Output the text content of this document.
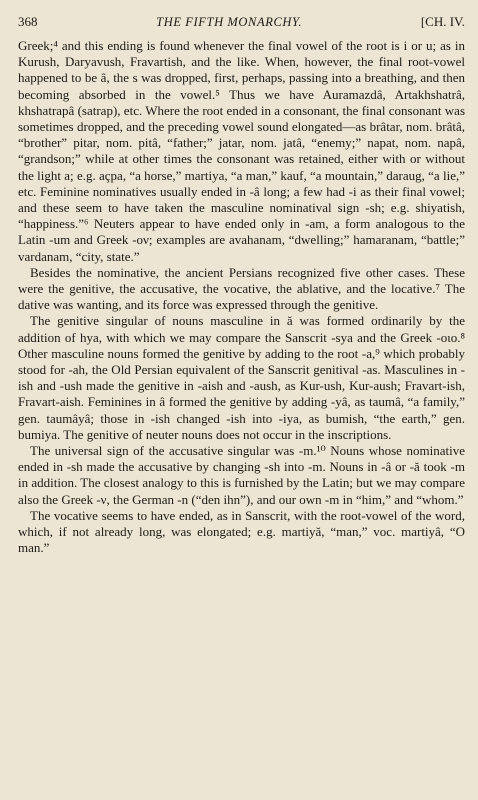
368	THE FIFTH MONARCHY.	[CH. IV.

Greek;⁴ and this ending is found whenever the final vowel of the root is i or u; as in Kurush, Daryavush, Fravartish, and the like. When, however, the final root-vowel happened to be â, the s was dropped, first, perhaps, passing into a breathing, and then becoming absorbed in the vowel.⁵ Thus we have Auramazdâ, Artakhshatrâ, khshatrapâ (satrap), etc. Where the root ended in a consonant, the final consonant was sometimes dropped, and the preceding vowel sound elongated—as brâtar, nom. brâtâ, “brother” pitar, nom. pitâ, “father;” jatar, nom. jatâ, “enemy;” napat, nom. napâ, “grandson;” while at other times the consonant was retained, either with or without the light a; e.g. açpa, “a horse,” martiya, “a man,” kauf, “a mountain,” daraug, “a lie,” etc. Feminine nominatives usually ended in -â long; a few had -i as their final vowel; and these seem to have taken the masculine nominatival sign -sh; e.g. shiyatish, “happiness.”⁶ Neuters appear to have ended only in -am, a form analogous to the Latin -um and Greek -ον; examples are avahanam, “dwelling;” hamaranam, “battle;” vardanam, “city, state.”

Besides the nominative, the ancient Persians recognized five other cases. These were the genitive, the accusative, the vocative, the ablative, and the locative.⁷ The dative was wanting, and its force was expressed through the genitive.

The genitive singular of nouns masculine in ă was formed ordinarily by the addition of hya, with which we may compare the Sanscrit -sya and the Greek -οιο.⁸ Other masculine nouns formed the genitive by adding to the root -a,⁹ which probably stood for -ah, the Old Persian equivalent of the Sanscrit genitival -as. Masculines in -ish and -ush made the genitive in -aish and -aush, as Kur-ush, Kur-aush; Fravart-ish, Fravart-aish. Feminines in â formed the genitive by adding -yâ, as taumâ, “a family,” gen. taumâyâ; those in -ish changed -ish into -iya, as bumish, “the earth,” gen. bumiya. The genitive of neuter nouns does not occur in the inscriptions.

The universal sign of the accusative singular was -m.¹⁰ Nouns whose nominative ended in -sh made the accusative by changing -sh into -m. Nouns in -â or -ă took -m in addition. The closest analogy to this is furnished by the Latin; but we may compare also the Greek -ν, the German -n (“den ihn”), and our own -m in “him,” and “whom.”

The vocative seems to have ended, as in Sanscrit, with the root-vowel of the word, which, if not already long, was elongated; e.g. martiyă, “man,” voc. martiyâ, “O man.”
